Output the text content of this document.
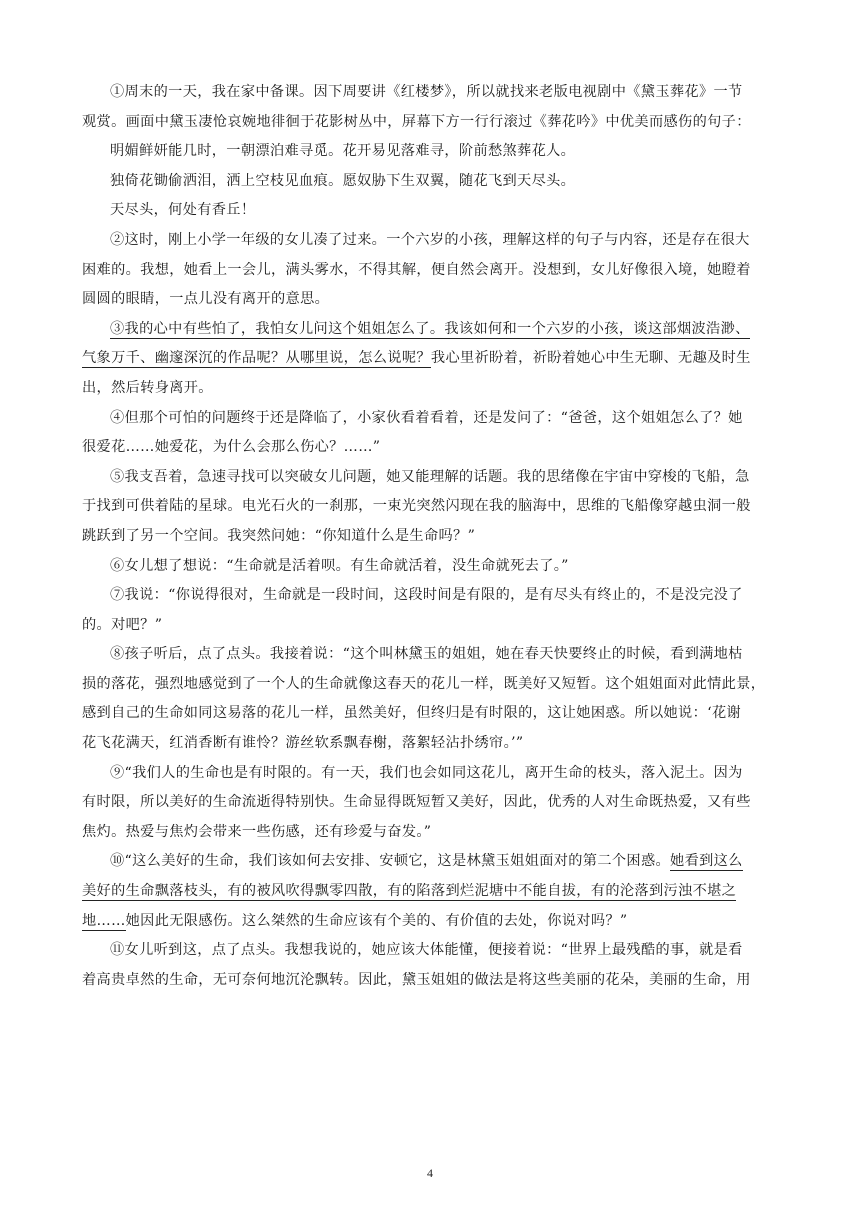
①周末的一天，我在家中备课。因下周要讲《红楼梦》，所以就找来老版电视剧中《黛玉葬花》一节
观赏。画面中黛玉凄怆哀婉地徘徊于花影树丛中，屏幕下方一行行滚过《葬花吟》中优美而感伤的句子：
明媚鲜妍能几时，一朝漂泊难寻觅。花开易见落难寻，阶前愁煞葬花人。
独倚花锄偷洒泪，洒上空枝见血痕。愿奴胁下生双翼，随花飞到天尽头。
天尽头，何处有香丘！
②这时，刚上小学一年级的女儿凑了过来。一个六岁的小孩，理解这样的句子与内容，还是存在很大
困难的。我想，她看上一会儿，满头雾水，不得其解，便自然会离开。没想到，女儿好像很入境，她瞪着
圆圆的眼睛，一点儿没有离开的意思。
③我的心中有些怕了，我怕女儿问这个姐姐怎么了。我该如何和一个六岁的小孩，谈这部烟波浩渺、
气象万千、幽邃深沉的作品呢？从哪里说，怎么说呢？我心里祈盼着，祈盼着她心中生无聊、无趣及时生
出，然后转身离开。
④但那个可怕的问题终于还是降临了，小家伙看着看着，还是发问了：“爸爸，这个姐姐怎么了？她
很爱花……她爱花，为什么会那么伤心？……”
⑤我支吾着，急速寻找可以突破女儿问题，她又能理解的话题。我的思绪像在宇宙中穿梭的飞船，急
于找到可供着陆的星球。电光石火的一刹那，一束光突然闪现在我的脑海中，思维的飞船像穿越虫洞一般
跳跃到了另一个空间。我突然问她：“你知道什么是生命吗？”
⑥女儿想了想说：“生命就是活着呗。有生命就活着，没生命就死去了。”
⑦我说：“你说得很对，生命就是一段时间，这段时间是有限的，是有尽头有终止的，不是没完没了
的。对吧？”
⑧孩子听后，点了点头。我接着说：“这个叫林黛玉的姐姐，她在春天快要终止的时候，看到满地枯
损的落花，强烈地感觉到了一个人的生命就像这春天的花儿一样，既美好又短暂。这个姐姐面对此情此景，
感到自己的生命如同这易落的花儿一样，虽然美好，但终归是有时限的，这让她困惑。所以她说：‘花谢
花飞花满天，红消香断有谁怜？游丝软系飘春榭，落絮轻沾扑绣帘。’”
⑨“我们人的生命也是有时限的。有一天，我们也会如同这花儿，离开生命的枝头，落入泥土。因为
有时限，所以美好的生命流逝得特别快。生命显得既短暂又美好，因此，优秀的人对生命既热爱，又有些
焦灼。热爱与焦灼会带来一些伤感，还有珍爱与奋发。”
⑩“这么美好的生命，我们该如何去安排、安顿它，这是林黛玉姐姐面对的第二个困惑。她看到这么
美好的生命飘落枝头，有的被风吹得飘零四散，有的陷落到烂泥塘中不能自拔，有的沦落到污浊不堪之
地……她因此无限感伤。这么桀然的生命应该有个美的、有价值的去处，你说对吗？”
⑪女儿听到这，点了点头。我想我说的，她应该大体能懂，便接着说：“世界上最残酷的事，就是看
着高贵卓然的生命，无可奈何地沉沦飘转。因此，黛玉姐姐的做法是将这些美丽的花朵，美丽的生命，用
4
